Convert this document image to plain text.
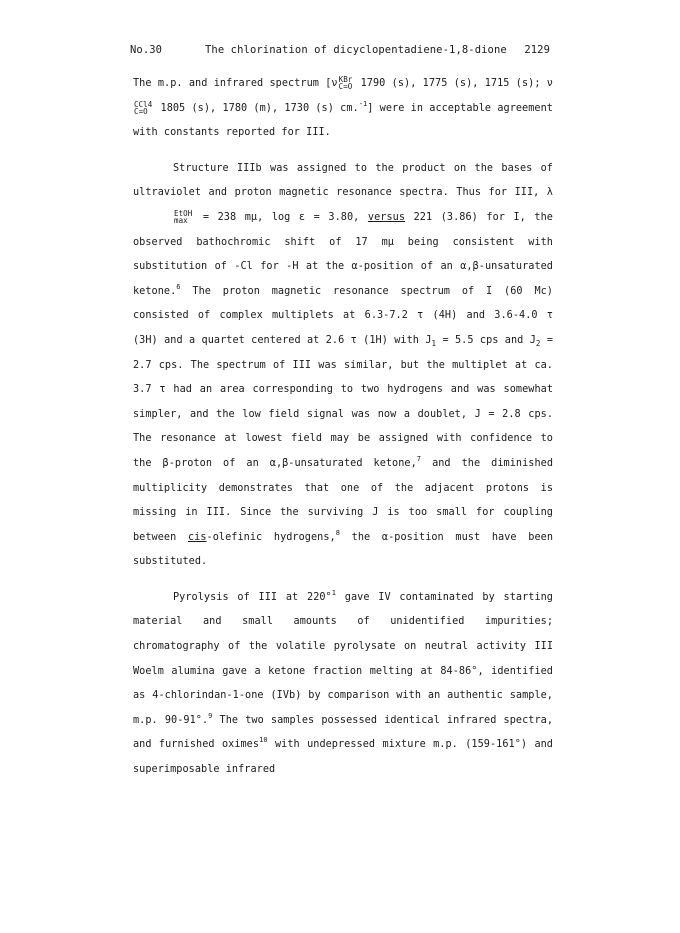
No.30	The chlorination of dicyclopentadiene-1,8-dione 2129

The m.p. and infrared spectrum [ν KBr
C=O 1790 (s), 1775 (s), 1715 (s); ν
CCl4
C=O 1805 (s), 1780 (m), 1730 (s) cm.$^{-1}$] were in acceptable agreement with constants reported for III.

Structure IIIb was assigned to the product on the bases of ultraviolet and proton magnetic resonance spectra. Thus for III, λ
EtOH
max = 238 mμ, log ε = 3.80, versus 221 (3.86) for I, the observed bathochromic shift of 17 mμ being consistent with substitution of -Cl for -H at the α-position of an α,β-unsaturated ketone.$^6$ The proton magnetic resonance spectrum of I (60 Mc) consisted of complex multiplets at 6.3-7.2 τ (4H) and 3.6-4.0 τ (3H) and a quartet centered at 2.6 τ (1H) with $J_1 = 5.5$ cps and $J_2 = 2.7$ cps. The spectrum of III was similar, but the multiplet at ca. 3.7 τ had an area corresponding to two hydrogens and was somewhat simpler, and the low field signal was now a doublet, J = 2.8 cps. The resonance at lowest field may be assigned with confidence to the β-proton of an α,β-unsaturated ketone,$^7$ and the diminished multiplicity demonstrates that one of the adjacent protons is missing in III. Since the surviving J is too small for coupling between cis-olefinic hydrogens,$^8$ the α-position must have been substituted.

Pyrolysis of III at 220°$^1$ gave IV contaminated by starting material and small amounts of unidentified impurities; chromatography of the volatile pyrolysate on neutral activity III Woelm alumina gave a ketone fraction melting at 84-86°, identified as 4-chlorindan-1-one (IVb) by comparison with an authentic sample, m.p. 90-91°.$^9$ The two samples possessed identical infrared spectra, and furnished oximes$^{10}$ with undepressed mixture m.p. (159-161°) and superimposable infrared
